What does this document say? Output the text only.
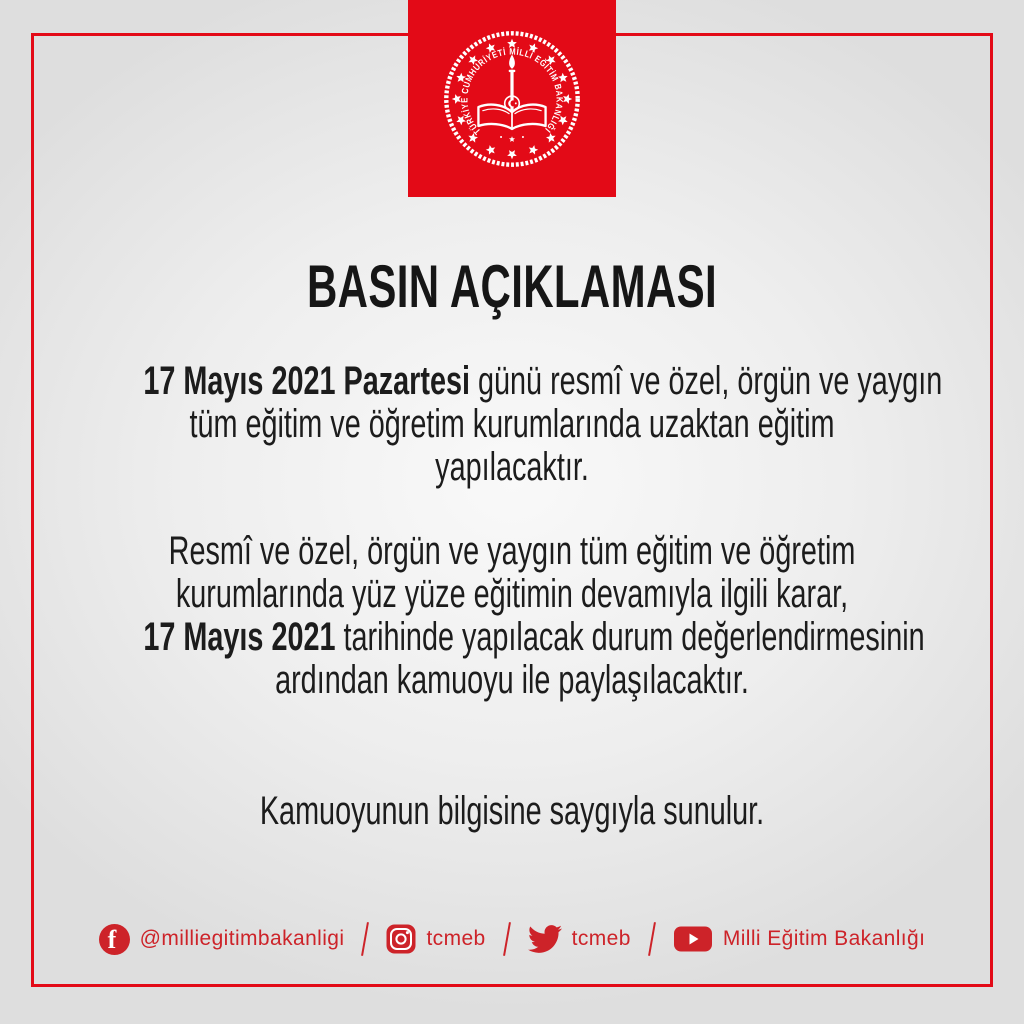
TÜRKİYE CUMHURİYETİ MİLLİ EĞİTİM BAKANLIĞI
BASIN AÇIKLAMASI
17 Mayıs 2021 Pazartesi günü resmî ve özel, örgün ve yaygın
tüm eğitim ve öğretim kurumlarında uzaktan eğitim
yapılacaktır.
Resmî ve özel, örgün ve yaygın tüm eğitim ve öğretim
kurumlarında yüz yüze eğitimin devamıyla ilgili karar,
17 Mayıs 2021 tarihinde yapılacak durum değerlendirmesinin
ardından kamuoyu ile paylaşılacaktır.
Kamuoyunun bilgisine saygıyla sunulur.
f @milliegitimbakanligi	tcmeb	tcmeb	Milli Eğitim Bakanlığı
